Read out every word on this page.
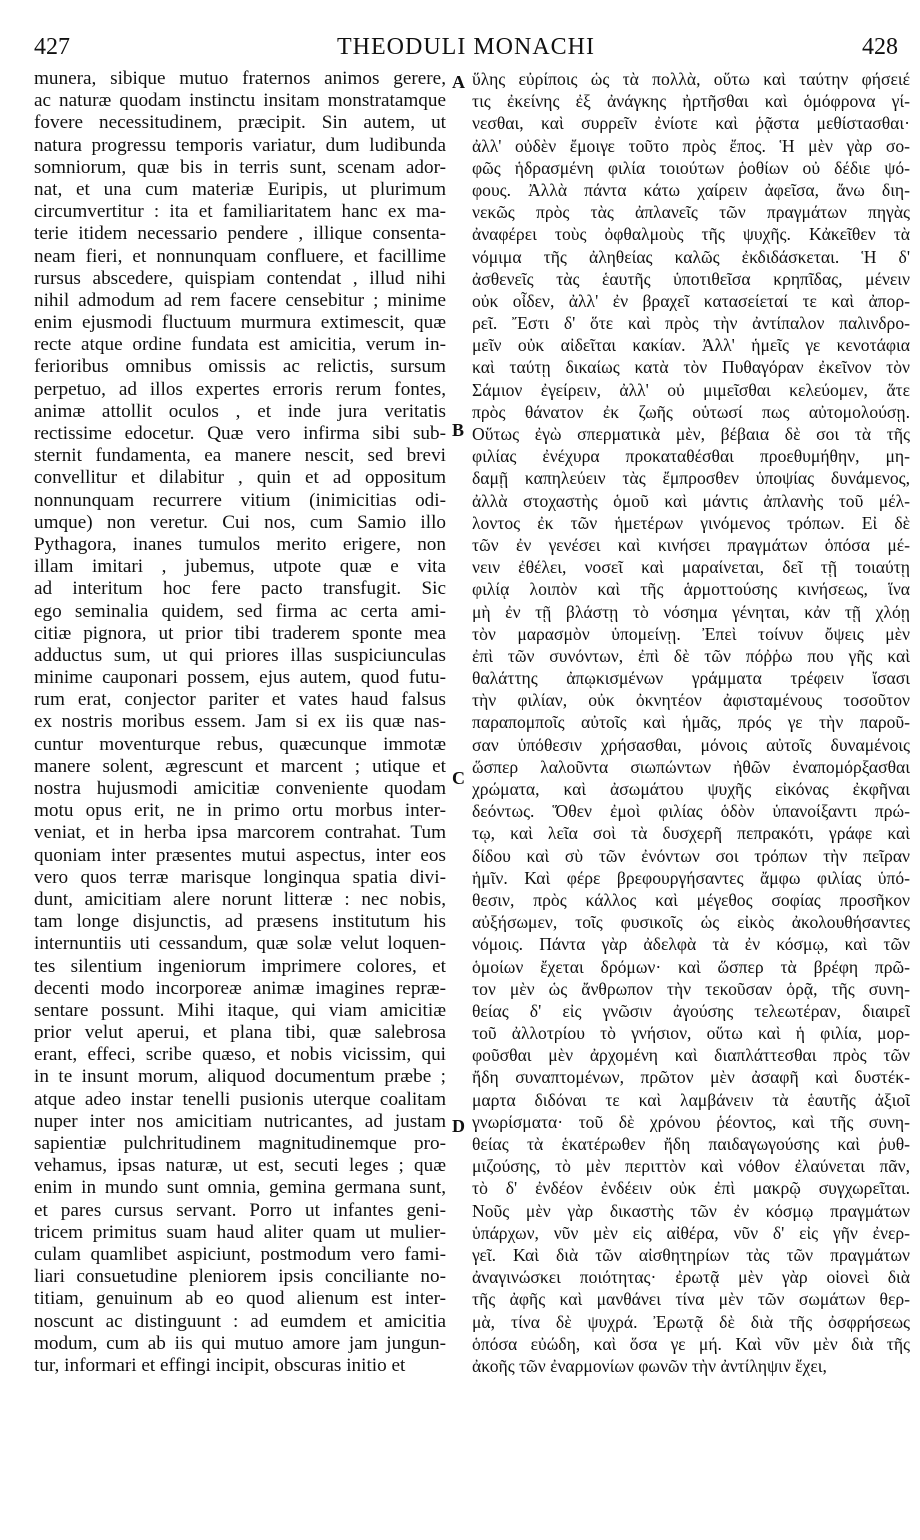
427	THEODULI MONACHI	428
A
B
C
D
munera, sibique mutuo fraternos animos gerere,
ac naturæ quodam instinctu insitam monstratamque
fovere necessitudinem, præcipit. Sin autem, ut
natura progressu temporis variatur, dum ludibunda
somniorum, quæ bis in terris sunt, scenam ador-
nat, et una cum materiæ Euripis, ut plurimum
circumvertitur : ita et familiaritatem hanc ex ma-
terie itidem necessario pendere , illique consenta-
neam fieri, et nonnunquam confluere, et facillime
rursus abscedere, quispiam contendat , illud nihi
nihil admodum ad rem facere censebitur ; minime
enim ejusmodi fluctuum murmura extimescit, quæ
recte atque ordine fundata est amicitia, verum in-
ferioribus omnibus omissis ac relictis, sursum
perpetuo, ad illos expertes erroris rerum fontes,
animæ attollit oculos , et inde jura veritatis
rectissime edocetur. Quæ vero infirma sibi sub-
sternit fundamenta, ea manere nescit, sed brevi
convellitur et dilabitur , quin et ad oppositum
nonnunquam recurrere vitium (inimicitias odi-
umque) non veretur. Cui nos, cum Samio illo
Pythagora, inanes tumulos merito erigere, non
illam imitari , jubemus, utpote quæ e vita
ad interitum hoc fere pacto transfugit. Sic
ego seminalia quidem, sed firma ac certa ami-
citiæ pignora, ut prior tibi traderem sponte mea
adductus sum, ut qui priores illas suspiciunculas
minime cauponari possem, ejus autem, quod futu-
rum erat, conjector pariter et vates haud falsus
ex nostris moribus essem. Jam si ex iis quæ nas-
cuntur moventurque rebus, quæcunque immotæ
manere solent, ægrescunt et marcent ; utique et
nostra hujusmodi amicitiæ conveniente quodam
motu opus erit, ne in primo ortu morbus inter-
veniat, et in herba ipsa marcorem contrahat. Tum
quoniam inter præsentes mutui aspectus, inter eos
vero quos terræ marisque longinqua spatia divi-
dunt, amicitiam alere norunt litteræ : nec nobis,
tam longe disjunctis, ad præsens institutum his
internuntiis uti cessandum, quæ solæ velut loquen-
tes silentium ingeniorum imprimere colores, et
decenti modo incorporeæ animæ imagines repræ-
sentare possunt. Mihi itaque, qui viam amicitiæ
prior velut aperui, et plana tibi, quæ salebrosa
erant, effeci, scribe quæso, et nobis vicissim, qui
in te insunt morum, aliquod documentum præbe ;
atque adeo instar tenelli pusionis uterque coalitam
nuper inter nos amicitiam nutricantes, ad justam
sapientiæ pulchritudinem magnitudinemque pro-
vehamus, ipsas naturæ, ut est, secuti leges ; quæ
enim in mundo sunt omnia, gemina germana sunt,
et pares cursus servant. Porro ut infantes geni-
tricem primitus suam haud aliter quam ut mulier-
culam quamlibet aspiciunt, postmodum vero fami-
liari consuetudine pleniorem ipsis conciliante no-
titiam, genuinum ab eo quod alienum est inter-
noscunt ac distinguunt : ad eumdem et amicitia
modum, cum ab iis qui mutuo amore jam jungun-
tur, informari et effingi incipit, obscuras initio et
ὕλης εὐρίποις ὡς τὰ πολλὰ, οὕτω καὶ ταύτην φήσειέ
τις ἐκείνης ἐξ ἀνάγκης ἠρτῆσθαι καὶ ὁμόφρονα γί-
νεσθαι, καὶ συρρεῖν ἐνίοτε καὶ ῥᾷστα μεθίστασθαι·
ἀλλ' οὐδὲν ἔμοιγε τοῦτο πρὸς ἔπος. Ἡ μὲν γὰρ σο-
φῶς ἡδρασμένη φιλία τοιούτων ῥοθίων οὐ δέδιε ψό-
φους. Ἀλλὰ πάντα κάτω χαίρειν ἀφεῖσα, ἄνω διη-
νεκῶς πρὸς τὰς ἀπλανεῖς τῶν πραγμάτων πηγὰς
ἀναφέρει τοὺς ὀφθαλμοὺς τῆς ψυχῆς. Κἀκεῖθεν τὰ
νόμιμα τῆς ἀληθείας καλῶς ἐκδιδάσκεται. Ἡ δ'
ἀσθενεῖς τὰς ἑαυτῆς ὑποτιθεῖσα κρηπῖδας, μένειν
οὐκ οἶδεν, ἀλλ' ἐν βραχεῖ κατασείεταί τε καὶ ἀπορ-
ρεῖ. Ἔστι δ' ὅτε καὶ πρὸς τὴν ἀντίπαλον παλινδρο-
μεῖν οὐκ αἰδεῖται κακίαν. Ἀλλ' ἡμεῖς γε κενοτάφια
καὶ ταύτῃ δικαίως κατὰ τὸν Πυθαγόραν ἐκεῖνον τὸν
Σάμιον ἐγείρειν, ἀλλ' οὐ μιμεῖσθαι κελεύομεν, ἅτε
πρὸς θάνατον ἐκ ζωῆς οὑτωσί πως αὐτομολούσῃ.
Οὕτως ἐγὼ σπερματικὰ μὲν, βέβαια δὲ σοι τὰ τῆς
φιλίας ἐνέχυρα προκαταθέσθαι προεθυμήθην, μη-
δαμῇ καπηλεύειν τὰς ἔμπροσθεν ὑποψίας δυνάμενος,
ἀλλὰ στοχαστὴς ὁμοῦ καὶ μάντις ἀπλανὴς τοῦ μέλ-
λοντος ἐκ τῶν ἡμετέρων γινόμενος τρόπων. Εἰ δὲ
τῶν ἐν γενέσει καὶ κινήσει πραγμάτων ὁπόσα μέ-
νειν ἐθέλει, νοσεῖ καὶ μαραίνεται, δεῖ τῇ τοιαύτῃ
φιλίᾳ λοιπὸν καὶ τῆς ἁρμοττούσης κινήσεως, ἵνα
μὴ ἐν τῇ βλάστῃ τὸ νόσημα γένηται, κἀν τῇ χλόῃ
τὸν μαρασμὸν ὑπομείνῃ. Ἐπεὶ τοίνυν ὄψεις μὲν
ἐπὶ τῶν συνόντων, ἐπὶ δὲ τῶν πόῤῥω που γῆς καὶ
θαλάττης ἀπῳκισμένων γράμματα τρέφειν ἴσασι
τὴν φιλίαν, οὐκ ὀκνητέον ἀφισταμένους τοσοῦτον
παραπομποῖς αὐτοῖς καὶ ἡμᾶς, πρός γε τὴν παροῦ-
σαν ὑπόθεσιν χρήσασθαι, μόνοις αὐτοῖς δυναμένοις
ὥσπερ λαλοῦντα σιωπώντων ἠθῶν ἐναπομόρξασθαι
χρώματα, καὶ ἀσωμάτου ψυχῆς εἰκόνας ἐκφῆναι
δεόντως. Ὅθεν ἐμοὶ φιλίας ὁδὸν ὑπανοίξαντι πρώ-
τῳ, καὶ λεῖα σοὶ τὰ δυσχερῆ πεπρακότι, γράφε καὶ
δίδου καὶ σὺ τῶν ἐνόντων σοι τρόπων τὴν πεῖραν
ἡμῖν. Καὶ φέρε βρεφουργήσαντες ἄμφω φιλίας ὑπό-
θεσιν, πρὸς κάλλος καὶ μέγεθος σοφίας προσῆκον
αὐξήσωμεν, τοῖς φυσικοῖς ὡς εἰκὸς ἀκολουθήσαντες
νόμοις. Πάντα γὰρ ἀδελφὰ τὰ ἐν κόσμῳ, καὶ τῶν
ὁμοίων ἔχεται δρόμων· καὶ ὥσπερ τὰ βρέφη πρῶ-
τον μὲν ὡς ἄνθρωπον τὴν τεκοῦσαν ὁρᾷ, τῆς συνη-
θείας δ' εἰς γνῶσιν ἀγούσης τελεωτέραν, διαιρεῖ
τοῦ ἀλλοτρίου τὸ γνήσιον, οὕτω καὶ ἡ φιλία, μορ-
φοῦσθαι μὲν ἀρχομένη καὶ διαπλάττεσθαι πρὸς τῶν
ἤδη συναπτομένων, πρῶτον μὲν ἀσαφῆ καὶ δυστέκ-
μαρτα διδόναι τε καὶ λαμβάνειν τὰ ἑαυτῆς ἀξιοῖ
γνωρίσματα· τοῦ δὲ χρόνου ῥέοντος, καὶ τῆς συνη-
θείας τὰ ἑκατέρωθεν ἤδη παιδαγωγούσης καὶ ῥυθ-
μιζούσης, τὸ μὲν περιττὸν καὶ νόθον ἐλαύνεται πᾶν,
τὸ δ' ἐνδέον ἐνδέειν οὐκ ἐπὶ μακρῷ συγχωρεῖται.
Νοῦς μὲν γὰρ δικαστὴς τῶν ἐν κόσμῳ πραγμάτων
ὑπάρχων, νῦν μὲν εἰς αἰθέρα, νῦν δ' εἰς γῆν ἐνερ-
γεῖ. Καὶ διὰ τῶν αἰσθητηρίων τὰς τῶν πραγμάτων
ἀναγινώσκει ποιότητας· ἐρωτᾷ μὲν γὰρ οἱονεὶ διὰ
τῆς ἀφῆς καὶ μανθάνει τίνα μὲν τῶν σωμάτων θερ-
μὰ, τίνα δὲ ψυχρά. Ἐρωτᾷ δὲ διὰ τῆς ὀσφρήσεως
ὁπόσα εὐώδη, καὶ ὅσα γε μή. Καὶ νῦν μὲν διὰ τῆς
ἀκοῆς τῶν ἐναρμονίων φωνῶν τὴν ἀντίληψιν ἔχει,
